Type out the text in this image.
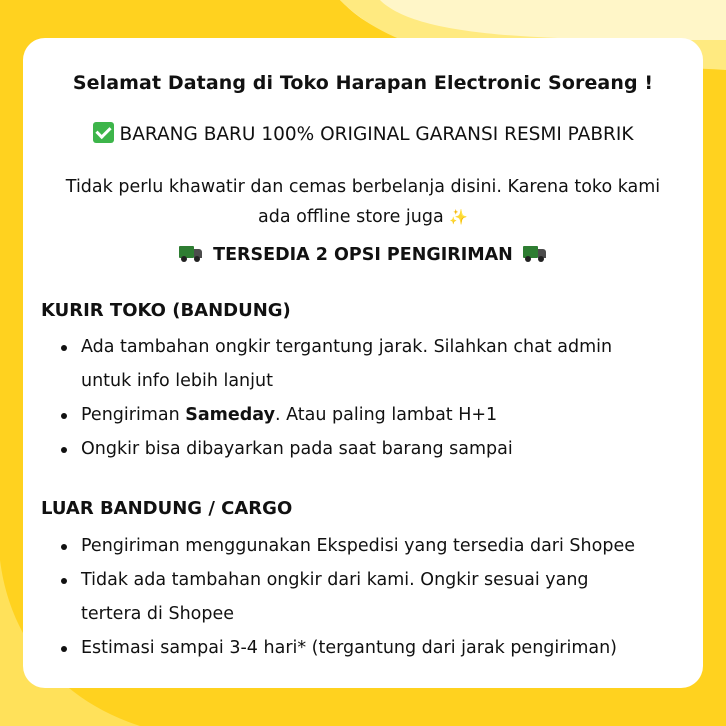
Selamat Datang di Toko Harapan Electronic Soreang !
BARANG BARU 100% ORIGINAL GARANSI RESMI PABRIK
Tidak perlu khawatir dan cemas berbelanja disini. Karena toko kami
ada offline store juga ✨
TERSEDIA 2 OPSI PENGIRIMAN
KURIR TOKO (BANDUNG)
Ada tambahan ongkir tergantung jarak. Silahkan chat admin
untuk info lebih lanjut
Pengiriman Sameday. Atau paling lambat H+1
Ongkir bisa dibayarkan pada saat barang sampai
LUAR BANDUNG / CARGO
Pengiriman menggunakan Ekspedisi yang tersedia dari Shopee
Tidak ada tambahan ongkir dari kami. Ongkir sesuai yang
tertera di Shopee
Estimasi sampai 3-4 hari* (tergantung dari jarak pengiriman)
